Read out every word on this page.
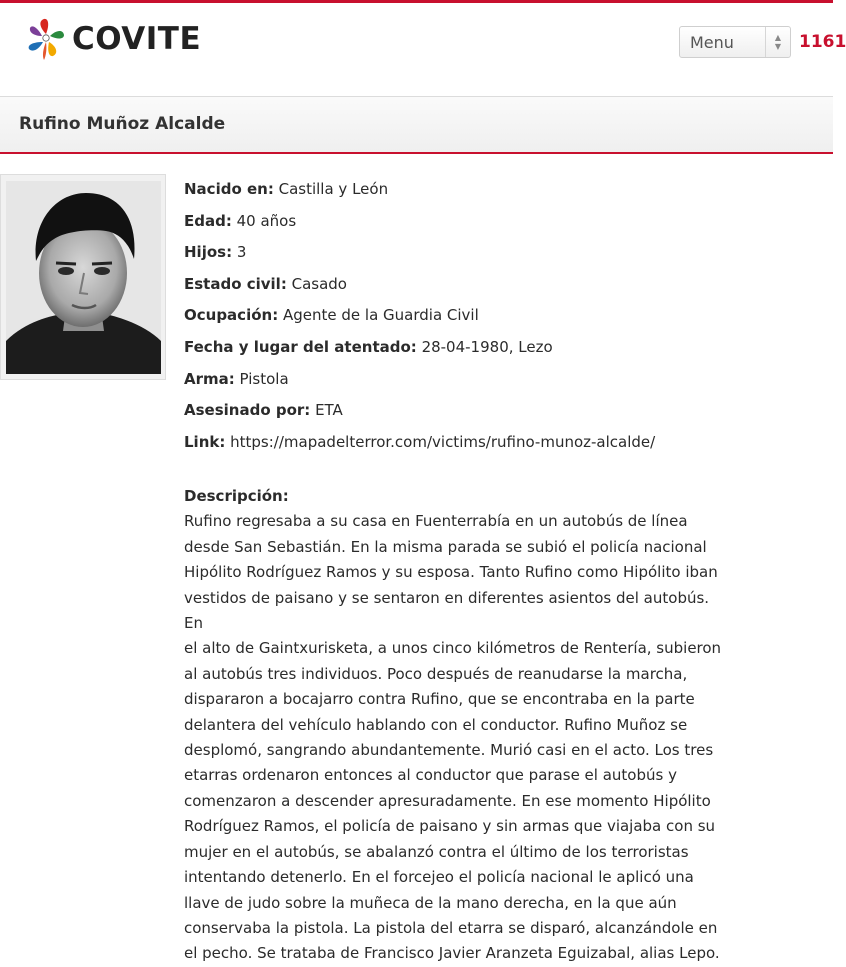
COVITE	Menu	▲
▼	1161
Rufino Muñoz Alcalde
Nacido en: Castilla y León
Edad: 40 años
Hijos: 3
Estado civil: Casado
Ocupación: Agente de la Guardia Civil
Fecha y lugar del atentado: 28-04-1980, Lezo
Arma: Pistola
Asesinado por: ETA
Link: https://mapadelterror.com/victims/rufino-munoz-alcalde/
Descripción:
Rufino regresaba a su casa en Fuenterrabía en un autobús de línea
desde San Sebastián. En la misma parada se subió el policía nacional
Hipólito Rodríguez Ramos y su esposa. Tanto Rufino como Hipólito iban
vestidos de paisano y se sentaron en diferentes asientos del autobús. En
el alto de Gaintxurisketa, a unos cinco kilómetros de Rentería, subieron
al autobús tres individuos. Poco después de reanudarse la marcha,
dispararon a bocajarro contra Rufino, que se encontraba en la parte
delantera del vehículo hablando con el conductor. Rufino Muñoz se
desplomó, sangrando abundantemente. Murió casi en el acto. Los tres
etarras ordenaron entonces al conductor que parase el autobús y
comenzaron a descender apresuradamente. En ese momento Hipólito
Rodríguez Ramos, el policía de paisano y sin armas que viajaba con su
mujer en el autobús, se abalanzó contra el último de los terroristas
intentando detenerlo. En el forcejeo el policía nacional le aplicó una
llave de judo sobre la muñeca de la mano derecha, en la que aún
conservaba la pistola. La pistola del etarra se disparó, alcanzándole en
el pecho. Se trataba de Francisco Javier Aranzeta Eguizabal, alias Lepo.
